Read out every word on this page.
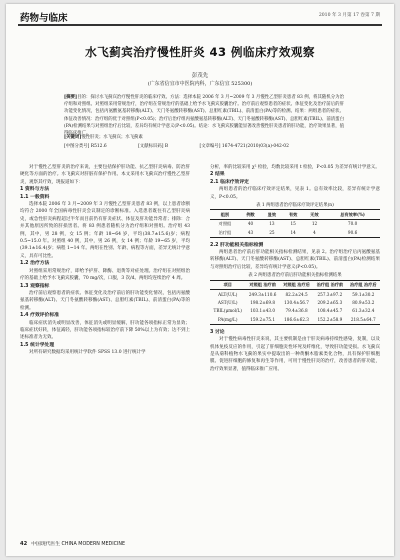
药物与临床	2010 年 3 月第 17 卷第 7 期
水飞蓟宾治疗慢性肝炎 43 例临床疗效观察
彭茂先
(广东省信宜市中医院内科，广东信宜 525300)
[摘要]目的：探讨水飞蓟宾治疗慢性肝炎的临床疗效。方法：选择本院 2006 年 3 月~2009 年 3 月慢性乙型肝炎患者 83 例，将其随机分为治疗组和对照组。对照组采用常规治疗，治疗组在常规治疗的基础上给予水飞蓟宾胶囊治疗。治疗前后观察患者的症状、体征变化及治疗前后的肝功能变化情况，包括丙氨酸氨基转移酶(ALT)、天门冬氨酸转移酶(AST)、总胆红素(TBIL)、前清蛋白(PA)等的检测。结果：两组患者的症状、体征改善情况：治疗组的优于对照组(P<0.05)；治疗后治疗组丙氨酸氨基转移酶(ALT)、天门冬氨酸转移酶(AST)、总胆红素(TBIL)、前清蛋白(PA)检测结果与对照组治疗后比较，差异均有统计学意义(P<0.05)。结论：水飞蓟宾胶囊能显著改善慢性肝炎患者的肝功能，治疗效果显著，值得临床推广。
[关键词]慢性肝炎；水飞蓟宾；水飞蓟素
[中图分类号] R512.6	[文献标识码] B	[文章编号] 1674-4721(2010)03(a)-042-02
对于慢性乙型肝炎的治疗来说，主要包括保护肝功能、抗乙型肝炎病毒、防治肝硬化等方面的治疗。水飞蓟宾对肝脏有保护作用。本文采用水飞蓟宾治疗慢性乙型肝炎，观察其疗效，现报道如下：
1 资料与方法
1.1 一般资料
选择本院 2006 年 3 月~2009 年 3 月慢性乙型肝炎患者 83 例，以上患者诊断均符合 2000 年全国病毒性肝炎会议制定的诊断标准。入选患者既往有乙型肝炎病史，或急性肝炎病程超过半年而目前仍有肝炎症状、体征及肝功能异常者；排除：合并其他原因所致的肝损害者。将 83 例患者随机分为治疗组和对照组。治疗组 43 例，其中，男 28 例，女 15 例；年龄 18~64 岁，平均(38.7±15.6)岁；病程 0.5~15.0 年。对照组 40 例，其中，男 26 例，女 14 例；年龄 19~65 岁，平均(39.1±16.4)岁；病程 1~14 年。两组在性别、年龄、病程等方面，差异无统计学意义，具有可比性。
1.2 治疗方法
对照组采用常规治疗，即给予护肝、降酶、退黄等对症处理。治疗组在对照组治疗的基础上给予水飞蓟宾胶囊，70 mg/次，口服，3 次/d。两组均连续治疗 4 周。
1.3 观察指标
治疗前后观察患者的症状、体征变化及治疗前后的肝功能变化情况，包括丙氨酸氨基转移酶(ALT)、天门冬氨酸转移酶(AST)、总胆红素(TBIL)、前清蛋白(PA)等的检测。
1.4 疗效评价标准
临床症状消失或明显改善，体征消失或明显缓解，肝功能各项指标正常为显效；临床症状好转，体征减轻，肝功能各项指标较治疗前下降 50%以上为有效；达不到上述标准者为无效。
1.5 统计学处理
对所有研究数据均采用统计学软件 SPSS 13.0 进行统计学
分析，率的比较采用 χ² 检验，均数比较采用 t 检验，P<0.05 为差异有统计学意义。
2 结果
2.1 临床疗效评定
两组患者的治疗临床疗效评定结果，见表 1。总有效率比较，差异有统计学意义，P<0.05。
表 1 两组患者治疗临床疗效评定结果(n)
组别	例数	显效	有效	无效	总有效率(%)
对照组	40	13	15	12	70.0
治疗组	43	25	14	4	90.6
2.2 肝功能相关指标检测
两组患者治疗前后肝功能相关指标检测结果，见表 2。治疗组治疗后丙氨酸氨基转移酶(ALT)、天门冬氨酸转移酶(AST)、总胆红素(TBIL)、前清蛋白(PA)检测结果与对照组治疗后比较，差异均有统计学意义(P<0.05)。
表 2 两组患者治疗前后肝功能相关指标检测结果
项目	对照组 治疗前	对照组 治疗后	治疗组 治疗前	治疗组 治疗后
ALT(U/L)	249.3±110.6	82.2±24.5	257.3±97.2	59.1±30.2
AST(U/L)	198.2±69.8	130.4±56.7	209.2±65.3	80.9±53.2
TBIL(μmol/L)	103.1±43.0	79.4±36.8	108.4±45.7	61.3±32.4
PA(mg/L)	159.2±75.1	186.6±62.3	152.2±58.9	218.5±64.7
3 讨论
对于慢性病毒性肝炎来说，其主要机制是由于肝炎病毒持续性感染，复制，以及机体免疫反应的作用，引起了肝细胞炎性坏死及纤维化，导致肝功能受损。水飞蓟宾是从菊科植物水飞蓟的果实中提取出的一种黄酮木脂素类化合物，具有保护肝细胞膜、促进肝细胞的修复和再生等作用，可用于慢性肝炎的治疗，改善患者的肝功能，治疗效果显著，值得临床推广应用。
42 中国现代医生 CHINA MODERN MEDICINE
